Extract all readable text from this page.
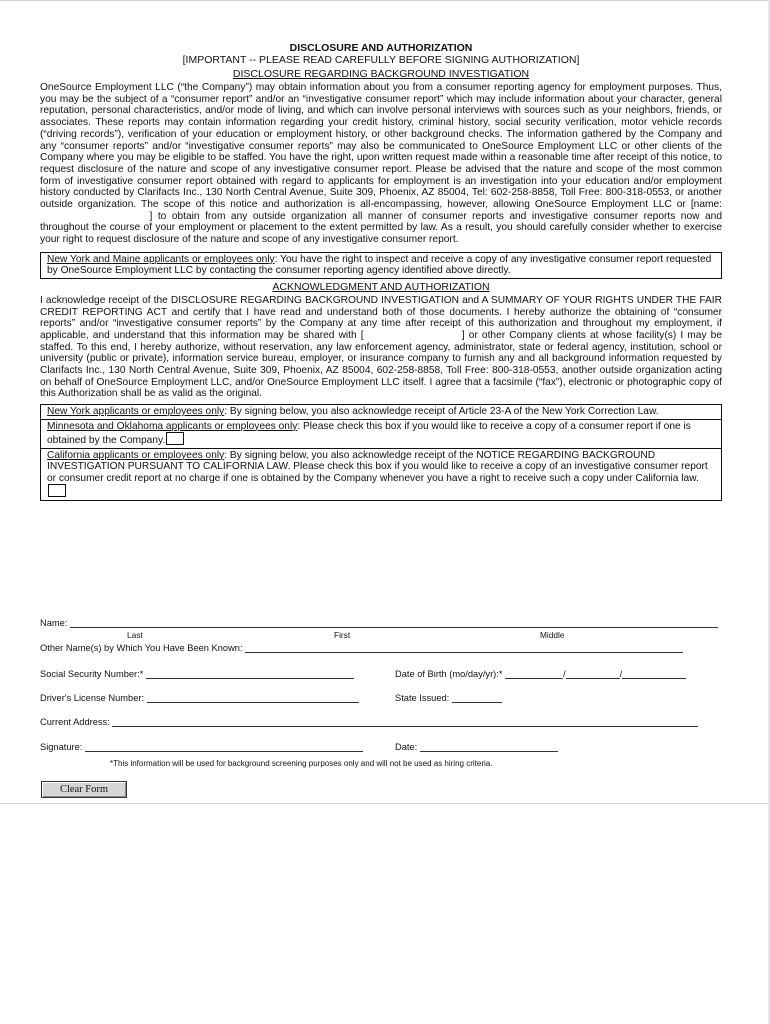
DISCLOSURE AND AUTHORIZATION
[IMPORTANT -- PLEASE READ CAREFULLY BEFORE SIGNING AUTHORIZATION]
DISCLOSURE REGARDING BACKGROUND INVESTIGATION
OneSource Employment LLC (“the Company”) may obtain information about you from a consumer reporting agency for employment purposes. Thus, you may be the subject of a “consumer report” and/or an “investigative consumer report” which may include information about your character, general reputation, personal characteristics, and/or mode of living, and which can involve personal interviews with sources such as your neighbors, friends, or associates. These reports may contain information regarding your credit history, criminal history, social security verification, motor vehicle records (“driving records”), verification of your education or employment history, or other background checks. The information gathered by the Company and any “consumer reports” and/or “investigative consumer reports” may also be communicated to OneSource Employment LLC or other clients of the Company where you may be eligible to be staffed. You have the right, upon written request made within a reasonable time after receipt of this notice, to request disclosure of the nature and scope of any investigative consumer report. Please be advised that the nature and scope of the most common form of investigative consumer report obtained with regard to applicants for employment is an investigation into your education and/or employment history conducted by Clarifacts Inc., 130 North Central Avenue, Suite 309, Phoenix, AZ 85004, Tel: 602-258-8858, Toll Free: 800-318-0553, or another outside organization. The scope of this notice and authorization is all-encompassing, however, allowing OneSource Employment LLC or [name:  ] to obtain from any outside organization all manner of consumer reports and investigative consumer reports now and throughout the course of your employment or placement to the extent permitted by law. As a result, you should carefully consider whether to exercise your right to request disclosure of the nature and scope of any investigative consumer report.
New York and Maine applicants or employees only: You have the right to inspect and receive a copy of any investigative consumer report requested by OneSource Employment LLC by contacting the consumer reporting agency identified above directly.
ACKNOWLEDGMENT AND AUTHORIZATION
I acknowledge receipt of the DISCLOSURE REGARDING BACKGROUND INVESTIGATION and A SUMMARY OF YOUR RIGHTS UNDER THE FAIR CREDIT REPORTING ACT and certify that I have read and understand both of those documents. I hereby authorize the obtaining of “consumer reports” and/or “investigative consumer reports” by the Company at any time after receipt of this authorization and throughout my employment, if applicable, and understand that this information may be shared with [	] or other Company clients at whose facility(s) I may be staffed. To this end, I hereby authorize, without reservation, any law enforcement agency, administrator, state or federal agency, institution, school or university (public or private), information service bureau, employer, or insurance company to furnish any and all background information requested by Clarifacts Inc., 130 North Central Avenue, Suite 309, Phoenix, AZ 85004, 602-258-8858, Toll Free: 800-318-0553, another outside organization acting on behalf of OneSource Employment LLC, and/or OneSource Employment LLC itself. I agree that a facsimile (“fax”), electronic or photographic copy of this Authorization shall be as valid as the original.
New York applicants or employees only: By signing below, you also acknowledge receipt of Article 23-A of the New York Correction Law.
Minnesota and Oklahoma applicants or employees only: Please check this box if you would like to receive a copy of a consumer report if one is obtained by the Company.
California applicants or employees only: By signing below, you also acknowledge receipt of the NOTICE REGARDING BACKGROUND INVESTIGATION PURSUANT TO CALIFORNIA LAW. Please check this box if you would like to receive a copy of an investigative consumer report or consumer credit report at no charge if one is obtained by the Company whenever you have a right to receive such a copy under California law.
Name:
Last	First	Middle
Other Name(s) by Which You Have Been Known:
Social Security Number:*	Date of Birth (mo/day/yr):*	/	/
Driver's License Number:	State Issued:
Current Address:
Signature:	Date:
*This information will be used for background screening purposes only and will not be used as hiring criteria.
Clear Form
